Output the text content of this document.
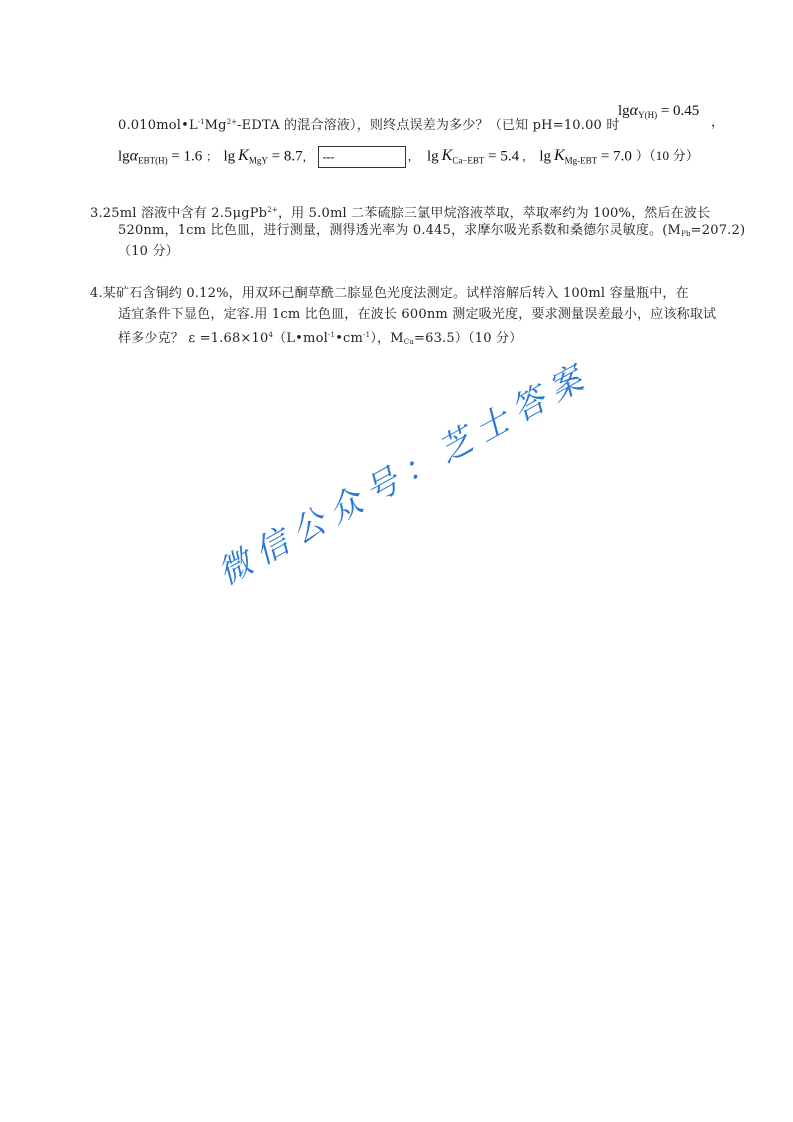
$0.010mol•L^{-1}Mg^{2+}$-EDTA 的混合溶液），则终点误差为多少？（已知 pH=10.00 时
lgα$_{Y(H)}$ = 0.45
，
lgα$_{EBT(H)}$ = 1.6 ； $\lg K_{MgY} = 8.7$， ▬▬▬	， $\lg K_{Ca-EBT} = 5.4$ ， $\lg K_{Mg-EBT} = 7.0$ ）（10 分）
3.25ml 溶液中含有 2.5μgPb$^{2+}$，用 5.0ml 二苯硫腙三氯甲烷溶液萃取，萃取率约为 100%，然后在波长
520nm，1cm 比色皿，进行测量，测得透光率为 0.445，求摩尔吸光系数和桑德尔灵敏度。$(M_{Pb}=207.2)$
（10 分）
4.某矿石含铜约 0.12%，用双环己酮草酰二腙显色光度法测定。试样溶解后转入 100ml 容量瓶中，在
适宜条件下显色，定容.用 1cm 比色皿，在波长 600nm 测定吸光度，要求测量误差最小，应该称取试
样多少克？ $\varepsilon =1.68\times 10^4(L•mol^{-1}•cm^{-1})$，$M_{Cu}=63.5)(10$ 分）
微信公众号：芝士答案
